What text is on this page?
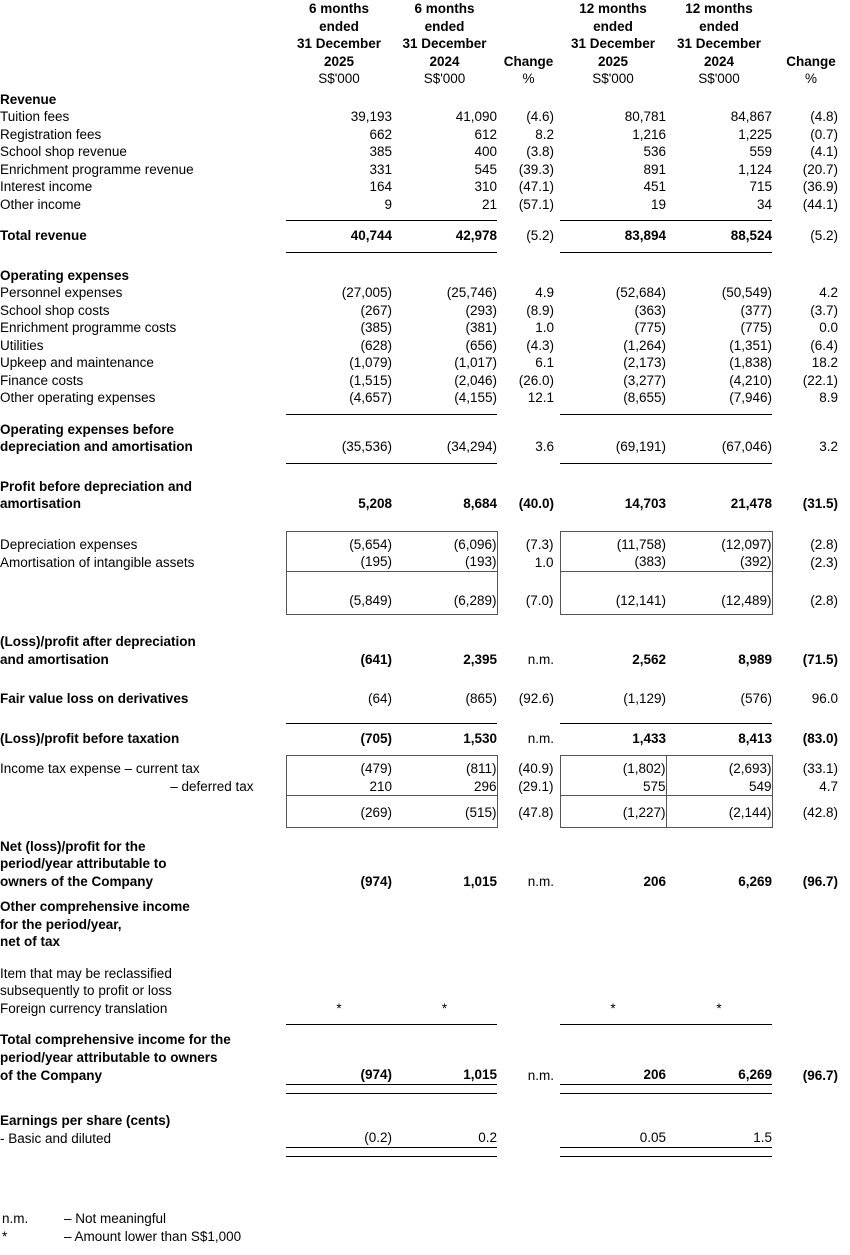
	6 months	6 months		12 months	12 months	
	ended	ended		ended	ended	
	31 December	31 December		31 December	31 December	
	2025	2024	Change	2025	2024	Change
	S$'000	S$'000	%	S$'000	S$'000	%

Revenue						
Tuition fees	39,193	41,090	(4.6)	80,781	84,867	(4.8)
Registration fees	662	612	8.2	1,216	1,225	(0.7)
School shop revenue	385	400	(3.8)	536	559	(4.1)
Enrichment programme revenue	331	545	(39.3)	891	1,124	(20.7)
Interest income	164	310	(47.1)	451	715	(36.9)
Other income	9	21	(57.1)	19	34	(44.1)

Total revenue	40,744	42,978	(5.2)	83,894	88,524	(5.2)

Operating expenses						
Personnel expenses	(27,005)	(25,746)	4.9	(52,684)	(50,549)	4.2
School shop costs	(267)	(293)	(8.9)	(363)	(377)	(3.7)
Enrichment programme costs	(385)	(381)	1.0	(775)	(775)	0.0
Utilities	(628)	(656)	(4.3)	(1,264)	(1,351)	(6.4)
Upkeep and maintenance	(1,079)	(1,017)	6.1	(2,173)	(1,838)	18.2
Finance costs	(1,515)	(2,046)	(26.0)	(3,277)	(4,210)	(22.1)
Other operating expenses	(4,657)	(4,155)	12.1	(8,655)	(7,946)	8.9

Operating expenses before						
depreciation and amortisation	(35,536)	(34,294)	3.6	(69,191)	(67,046)	3.2

Profit before depreciation and						
amortisation	5,208	8,684	(40.0)	14,703	21,478	(31.5)

Depreciation expenses	(5,654)	(6,096)	(7.3)	(11,758)	(12,097)	(2.8)
Amortisation of intangible assets	(195)	(193)	1.0	(383)	(392)	(2.3)

	(5,849)	(6,289)	(7.0)	(12,141)	(12,489)	(2.8)

(Loss)/profit after depreciation						
and amortisation	(641)	2,395	n.m.	2,562	8,989	(71.5)

Fair value loss on derivatives	(64)	(865)	(92.6)	(1,129)	(576)	96.0

(Loss)/profit before taxation	(705)	1,530	n.m.	1,433	8,413	(83.0)

Income tax expense – current tax	(479)	(811)	(40.9)	(1,802)	(2,693)	(33.1)
– deferred tax	210	296	(29.1)	575	549	4.7

	(269)	(515)	(47.8)	(1,227)	(2,144)	(42.8)

Net (loss)/profit for the						
period/year attributable to						
owners of the Company	(974)	1,015	n.m.	206	6,269	(96.7)

Other comprehensive income						
for the period/year,						
net of tax						

Item that may be reclassified						
subsequently to profit or loss						
Foreign currency translation	*	*		*	*	

Total comprehensive income for the						
period/year attributable to owners						
of the Company	(974)	1,015	n.m.	206	6,269	(96.7)

Earnings per share (cents)						
- Basic and diluted	(0.2)	0.2		0.05	1.5	

n.m.	– Not meaningful
*	– Amount lower than S$1,000
